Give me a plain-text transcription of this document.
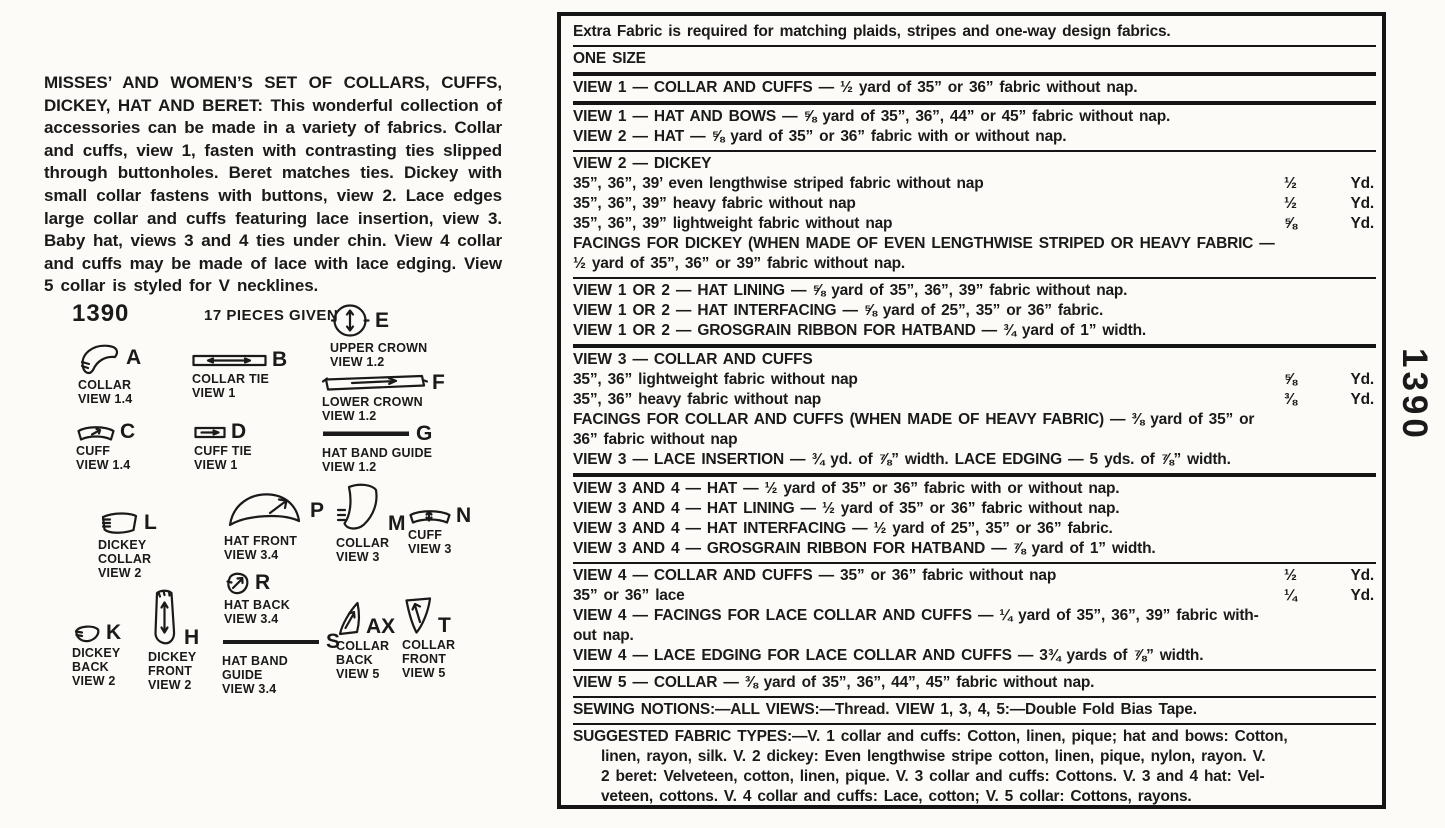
MISSES’ AND WOMEN’S SET OF COLLARS, CUFFS, DICKEY, HAT AND BERET: This wonderful collection of accessories can be made in a variety of fabrics. Collar and cuffs, view 1, fasten with contrasting ties slipped through buttonholes. Beret matches ties. Dickey with small collar fastens with buttons, view 2. Lace edges large collar and cuffs featuring lace insertion, view 3. Baby hat, views 3 and 4 ties under chin. View 4 collar and cuffs may be made of lace with lace edging. View 5 collar is styled for V necklines.
1390	17 PIECES GIVEN E
UPPER CROWN
VIEW 1.2
A
COLLAR
VIEW 1.4
B
COLLAR TIE
VIEW 1	F
LOWER CROWN
VIEW 1.2
C
CUFF
VIEW 1.4
D
CUFF TIE
VIEW 1
G
HAT BAND GUIDE
VIEW 1.2
L
DICKEY
COLLAR
VIEW 2
P
HAT FRONT
VIEW 3.4
M
COLLAR
VIEW 3
N
CUFF
VIEW 3
R
HAT BACK
VIEW 3.4
K
DICKEY
BACK
VIEW 2
H
DICKEY
FRONT
VIEW 2
S
HAT BAND
GUIDE
VIEW 3.4
AX
COLLAR
BACK
VIEW 5
T
COLLAR
FRONT
VIEW 5
Extra Fabric is required for matching plaids, stripes and one-way design fabrics.
ONE SIZE
VIEW 1 — COLLAR AND CUFFS — ½ yard of 35” or 36” fabric without nap.
VIEW 1 — HAT AND BOWS — ⅝ yard of 35”, 36”, 44” or 45” fabric without nap.
VIEW 2 — HAT — ⅝ yard of 35” or 36” fabric with or without nap.
VIEW 2 — DICKEY
35”, 36”, 39’ even lengthwise striped fabric without nap	½	Yd.
35”, 36”, 39” heavy fabric without nap	½	Yd.
35”, 36”, 39” lightweight fabric without nap	⅝	Yd.
FACINGS FOR DICKEY (WHEN MADE OF EVEN LENGTHWISE STRIPED OR HEAVY FABRIC —
½ yard of 35”, 36” or 39” fabric without nap.
VIEW 1 OR 2 — HAT LINING — ⅝ yard of 35”, 36”, 39” fabric without nap.
VIEW 1 OR 2 — HAT INTERFACING — ⅝ yard of 25”, 35” or 36” fabric.
VIEW 1 OR 2 — GROSGRAIN RIBBON FOR HATBAND — ¾ yard of 1” width.
VIEW 3 — COLLAR AND CUFFS
35”, 36” lightweight fabric without nap	⅝	Yd.
35”, 36” heavy fabric without nap	⅜	Yd.
FACINGS FOR COLLAR AND CUFFS (WHEN MADE OF HEAVY FABRIC) — ⅜ yard of 35” or
36” fabric without nap
VIEW 3 — LACE INSERTION — ¾ yd. of ⅞” width. LACE EDGING — 5 yds. of ⅞” width.
VIEW 3 AND 4 — HAT — ½ yard of 35” or 36” fabric with or without nap.
VIEW 3 AND 4 — HAT LINING — ½ yard of 35” or 36” fabric without nap.
VIEW 3 AND 4 — HAT INTERFACING — ½ yard of 25”, 35” or 36” fabric.
VIEW 3 AND 4 — GROSGRAIN RIBBON FOR HATBAND — ⅞ yard of 1” width.
VIEW 4 — COLLAR AND CUFFS — 35” or 36” fabric without nap	½	Yd.
35” or 36” lace	¼	Yd.
VIEW 4 — FACINGS FOR LACE COLLAR AND CUFFS — ¼ yard of 35”, 36”, 39” fabric with-
out nap.
VIEW 4 — LACE EDGING FOR LACE COLLAR AND CUFFS — 3¾ yards of ⅞” width.
VIEW 5 — COLLAR — ⅜ yard of 35”, 36”, 44”, 45” fabric without nap.
SEWING NOTIONS:—ALL VIEWS:—Thread. VIEW 1, 3, 4, 5:—Double Fold Bias Tape.
SUGGESTED FABRIC TYPES:—V. 1 collar and cuffs: Cotton, linen, pique; hat and bows: Cotton,
linen, rayon, silk. V. 2 dickey: Even lengthwise stripe cotton, linen, pique, nylon, rayon. V.
2 beret: Velveteen, cotton, linen, pique. V. 3 collar and cuffs: Cottons. V. 3 and 4 hat: Vel-
veteen, cottons. V. 4 collar and cuffs: Lace, cotton; V. 5 collar: Cottons, rayons.
1390
